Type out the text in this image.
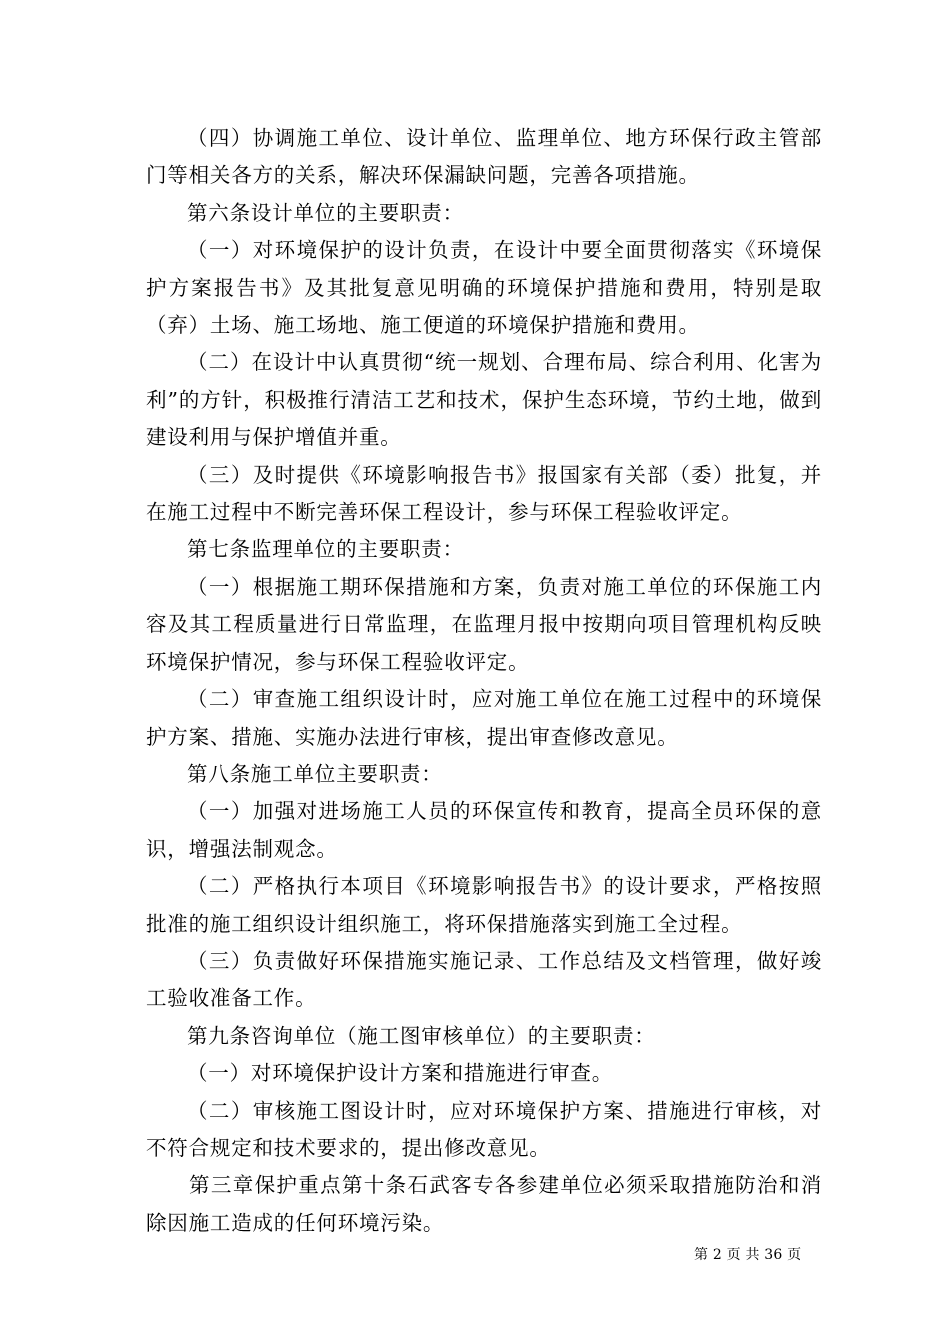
（四）协调施工单位、设计单位、监理单位、地方环保行政主管部门等相关各方的关系，解决环保漏缺问题，完善各项措施。

第六条设计单位的主要职责：

（一）对环境保护的设计负责，在设计中要全面贯彻落实《环境保护方案报告书》及其批复意见明确的环境保护措施和费用，特别是取（弃）土场、施工场地、施工便道的环境保护措施和费用。

（二）在设计中认真贯彻“统一规划、合理布局、综合利用、化害为利”的方针，积极推行清洁工艺和技术，保护生态环境，节约土地，做到建设利用与保护增值并重。

（三）及时提供《环境影响报告书》报国家有关部（委）批复，并在施工过程中不断完善环保工程设计，参与环保工程验收评定。

第七条监理单位的主要职责：

（一）根据施工期环保措施和方案，负责对施工单位的环保施工内容及其工程质量进行日常监理，在监理月报中按期向项目管理机构反映环境保护情况，参与环保工程验收评定。

（二）审查施工组织设计时，应对施工单位在施工过程中的环境保护方案、措施、实施办法进行审核，提出审查修改意见。

第八条施工单位主要职责：

（一）加强对进场施工人员的环保宣传和教育，提高全员环保的意识，增强法制观念。

（二）严格执行本项目《环境影响报告书》的设计要求，严格按照批准的施工组织设计组织施工，将环保措施落实到施工全过程。

（三）负责做好环保措施实施记录、工作总结及文档管理，做好竣工验收准备工作。

第九条咨询单位（施工图审核单位）的主要职责：

（一）对环境保护设计方案和措施进行审查。

（二）审核施工图设计时，应对环境保护方案、措施进行审核，对不符合规定和技术要求的，提出修改意见。

第三章保护重点第十条石武客专各参建单位必须采取措施防治和消除因施工造成的任何环境污染。

第 2 页 共 36 页
